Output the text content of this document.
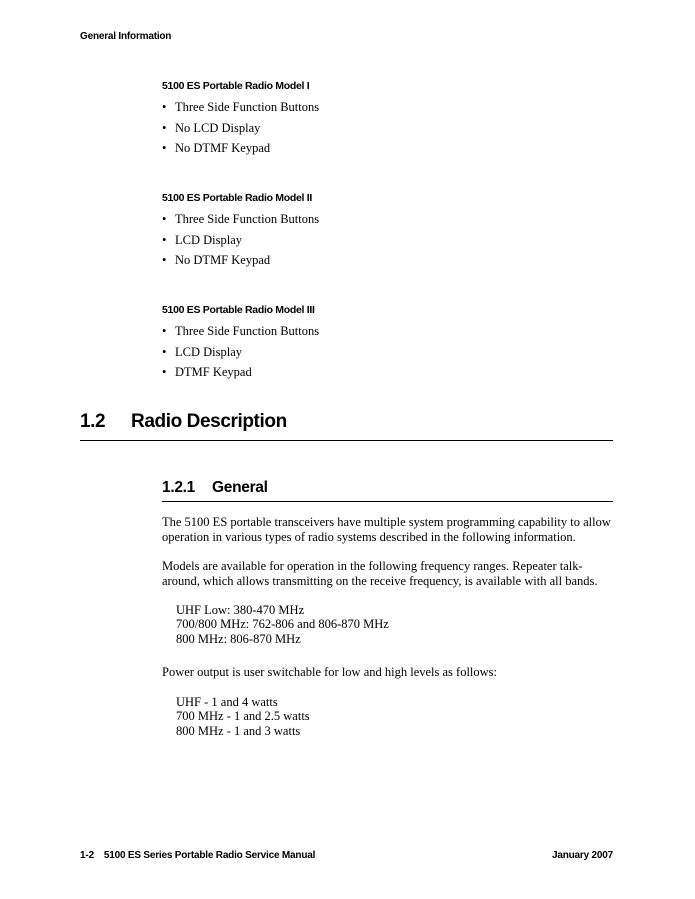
General Information
5100 ES Portable Radio Model I
• Three Side Function Buttons
• No LCD Display
• No DTMF Keypad
5100 ES Portable Radio Model II
• Three Side Function Buttons
• LCD Display
• No DTMF Keypad
5100 ES Portable Radio Model III
• Three Side Function Buttons
• LCD Display
• DTMF Keypad
1.2 Radio Description
1.2.1 General

The 5100 ES portable transceivers have multiple system programming capability to allow operation in various types of radio systems described in the following information.

Models are available for operation in the following frequency ranges. Repeater talk-around, which allows transmitting on the receive frequency, is available with all bands.

UHF Low: 380-470 MHz
700/800 MHz: 762-806 and 806-870 MHz
800 MHz: 806-870 MHz

Power output is user switchable for low and high levels as follows:

UHF - 1 and 4 watts
700 MHz - 1 and 2.5 watts
800 MHz - 1 and 3 watts
1-2 5100 ES Series Portable Radio Service Manual	January 2007
